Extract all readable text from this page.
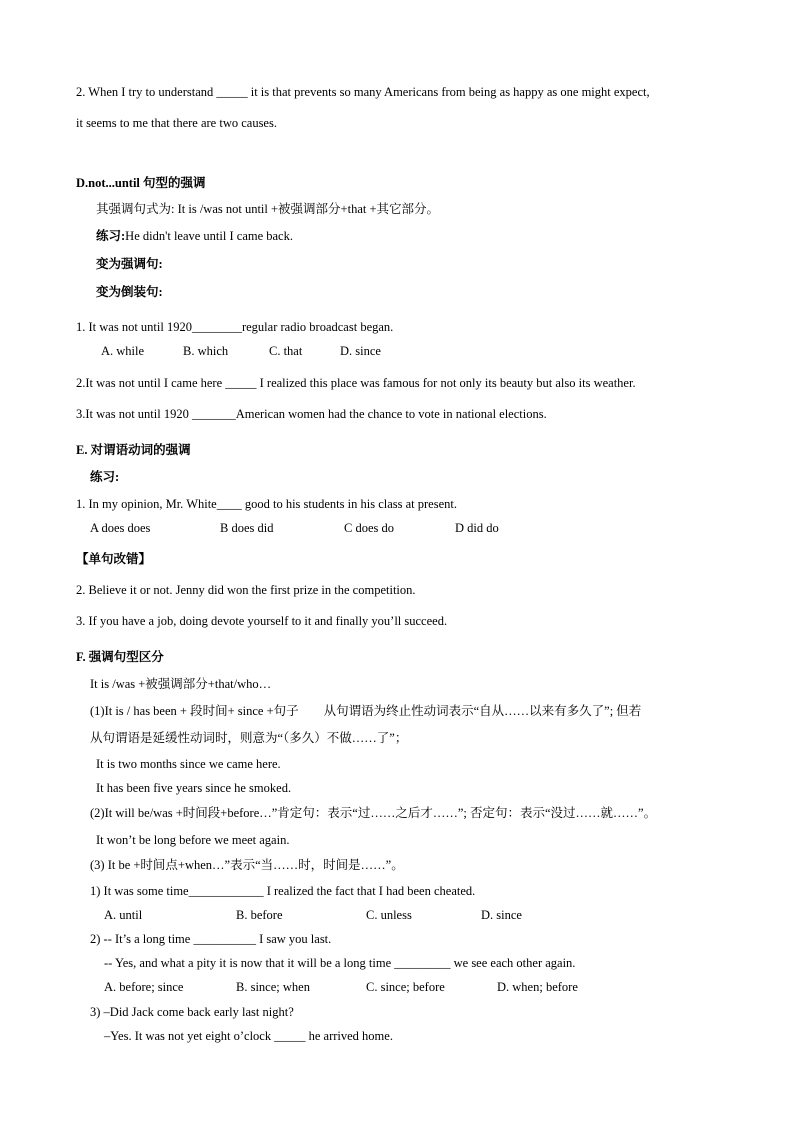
2. When I try to understand _____ it is that prevents so many Americans from being as happy as one might expect,
it seems to me that there are two causes.
D.not...until 句型的强调
其强调句式为: It is /was not until +被强调部分+that +其它部分。
练习:He didn't leave until I came back.
变为强调句:
变为倒装句:
1. It was not until 1920________regular radio broadcast began.
A. while	B. which	C. that	D. since
2.It was not until I came here _____ I realized this place was famous for not only its beauty but also its weather.
3.It was not until 1920 _______American women had the chance to vote in national elections.
E. 对谓语动词的强调
练习:
1. In my opinion, Mr. White____ good to his students in his class at present.
A does does	B does did	C does do	D did do
【单句改错】
2. Believe it or not. Jenny did won the first prize in the competition.
3. If you have a job, doing devote yourself to it and finally you’ll succeed.
F. 强调句型区分
It is /was +被强调部分+that/who…
(1)It is / has been + 段时间+ since +句子　　从句谓语为终止性动词表示“自从……以来有多久了”; 但若
从句谓语是延缓性动词时，则意为“（多久）不做……了”；
It is two months since we came here.
It has been five years since he smoked.
(2)It will be/was +时间段+before…”肯定句：表示“过……之后才……”; 否定句：表示“没过……就……”。
It won’t be long before we meet again.
(3) It be +时间点+when…”表示“当……时，时间是……”。
1) It was some time____________ I realized the fact that I had been cheated.
A. until	B. before	C. unless	D. since
2) -- It’s a long time __________ I saw you last.
-- Yes, and what a pity it is now that it will be a long time _________ we see each other again.
A. before; since	B. since; when	C. since; before	D. when; before
3) –Did Jack come back early last night?
–Yes. It was not yet eight o’clock _____ he arrived home.
